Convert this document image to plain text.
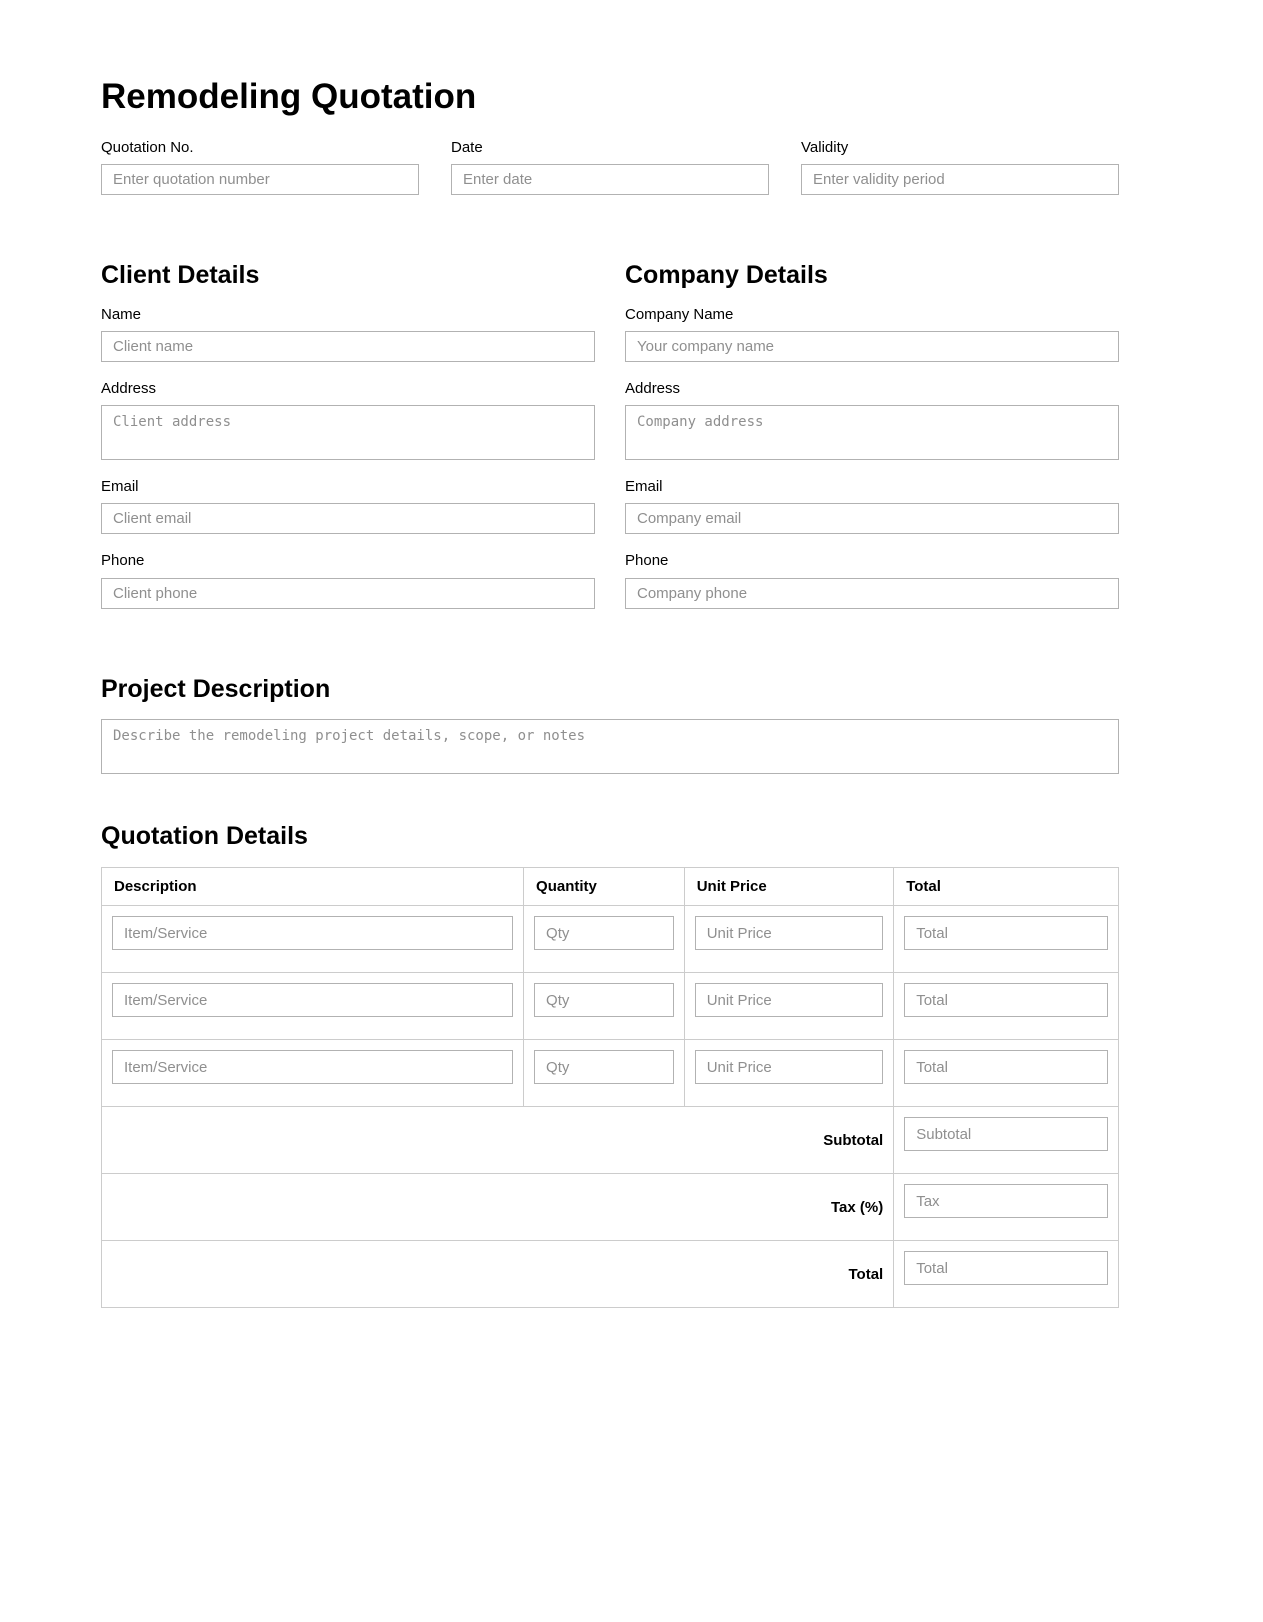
Remodeling Quotation
Quotation No.
Enter quotation number	Date
Enter date	Validity
Enter validity period
Client Details
Name
Client name
Address
Client address
Email
Client email
Phone
Client phone
Company Details
Company Name
Your company name
Address
Company address
Email
Company email
Phone
Company phone
Project Description
Describe the remodeling project details, scope, or notes
Quotation Details
Description	Quantity	Unit Price	Total
Item/Service	Qty	Unit Price	Total
Item/Service	Qty	Unit Price	Total
Item/Service	Qty	Unit Price	Total
Subtotal	Subtotal
Tax (%)	Tax
Total	Total
